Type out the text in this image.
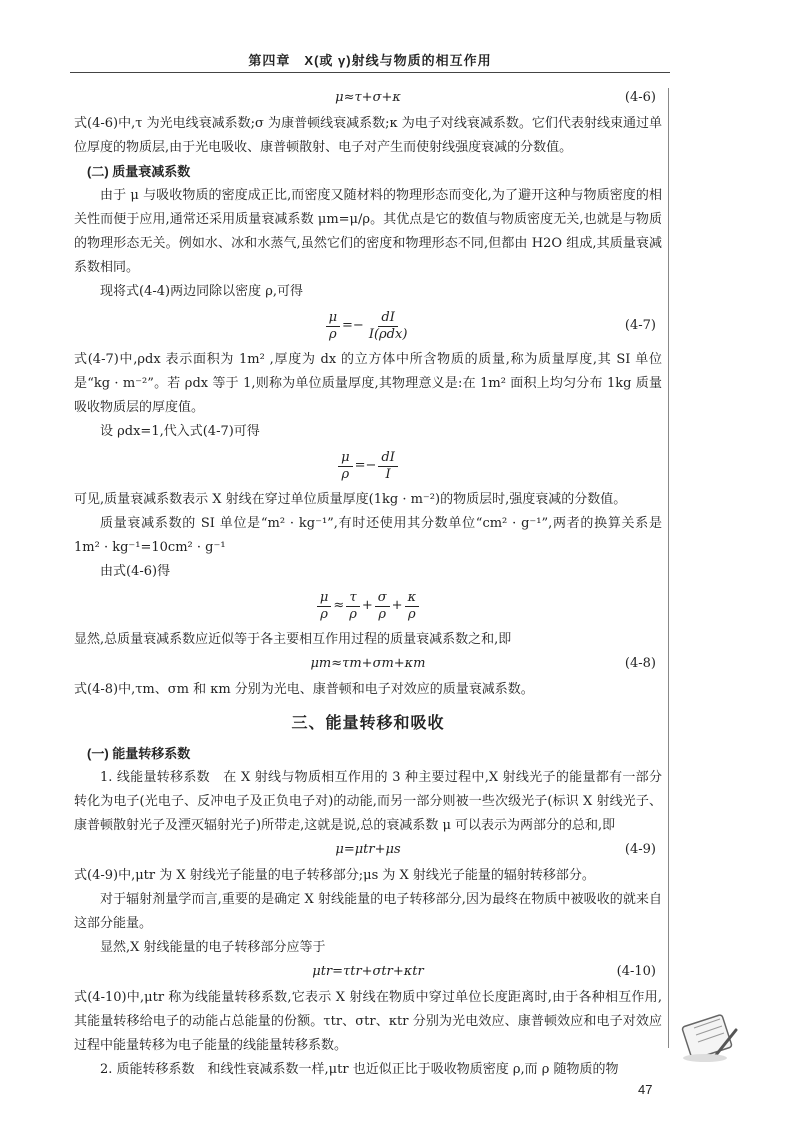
第四章　X(或 γ)射线与物质的相互作用
μ≈τ+σ+κ	(4-6)

式(4-6)中,τ 为光电线衰减系数;σ 为康普顿线衰减系数;κ 为电子对线衰减系数。它们代表射线束通过单位厚度的物质层,由于光电吸收、康普顿散射、电子对产生而使射线强度衰减的分数值。

(二) 质量衰减系数

由于 μ 与吸收物质的密度成正比,而密度又随材料的物理形态而变化,为了避开这种与物质密度的相关性而便于应用,通常还采用质量衰减系数 μm=μ/ρ。其优点是它的数值与物质密度无关,也就是与物质的物理形态无关。例如水、冰和水蒸气,虽然它们的密度和物理形态不同,但都由 H2O 组成,其质量衰减系数相同。

现将式(4-4)两边同除以密度 ρ,可得

$\frac{\mu}{\rho} =- \frac{dI}{\text{I(ρdx)}}$	(4-7)

式(4-7)中,ρdx 表示面积为 1m² ,厚度为 dx 的立方体中所含物质的质量,称为质量厚度,其 SI 单位是“kg · m⁻²”。若 ρdx 等于 1,则称为单位质量厚度,其物理意义是:在 1m² 面积上均匀分布 1kg 质量吸收物质层的厚度值。

设 ρdx=1,代入式(4-7)可得

$\frac{\mu}{\rho} =- \frac{dI}{I}$

可见,质量衰减系数表示 X 射线在穿过单位质量厚度(1kg · m⁻²)的物质层时,强度衰减的分数值。

质量衰减系数的 SI 单位是“m² · kg⁻¹”,有时还使用其分数单位“cm² · g⁻¹”,两者的换算关系是 1m² · kg⁻¹=10cm² · g⁻¹

由式(4-6)得

$\frac{\mu}{\rho} \approx \frac{\tau}{\rho} + \frac{\sigma}{\rho} + \frac{\kappa}{\rho}$

显然,总质量衰减系数应近似等于各主要相互作用过程的质量衰减系数之和,即

μm≈τm+σm+κm	(4-8)

式(4-8)中,τm、σm 和 κm 分别为光电、康普顿和电子对效应的质量衰减系数。

三、能量转移和吸收

(一) 能量转移系数

1. 线能量转移系数　在 X 射线与物质相互作用的 3 种主要过程中,X 射线光子的能量都有一部分转化为电子(光电子、反冲电子及正负电子对)的动能,而另一部分则被一些次级光子(标识 X 射线光子、康普顿散射光子及湮灭辐射光子)所带走,这就是说,总的衰减系数 μ 可以表示为两部分的总和,即

μ=μtr+μs	(4-9)

式(4-9)中,μtr 为 X 射线光子能量的电子转移部分;μs 为 X 射线光子能量的辐射转移部分。

对于辐射剂量学而言,重要的是确定 X 射线能量的电子转移部分,因为最终在物质中被吸收的就来自这部分能量。

显然,X 射线能量的电子转移部分应等于

μtr=τtr+σtr+κtr	(4-10)

式(4-10)中,μtr 称为线能量转移系数,它表示 X 射线在物质中穿过单位长度距离时,由于各种相互作用,其能量转移给电子的动能占总能量的份额。τtr、σtr、κtr 分别为光电效应、康普顿效应和电子对效应过程中能量转移为电子能量的线能量转移系数。

2. 质能转移系数　和线性衰减系数一样,μtr 也近似正比于吸收物质密度 ρ,而 ρ 随物质的物

47
